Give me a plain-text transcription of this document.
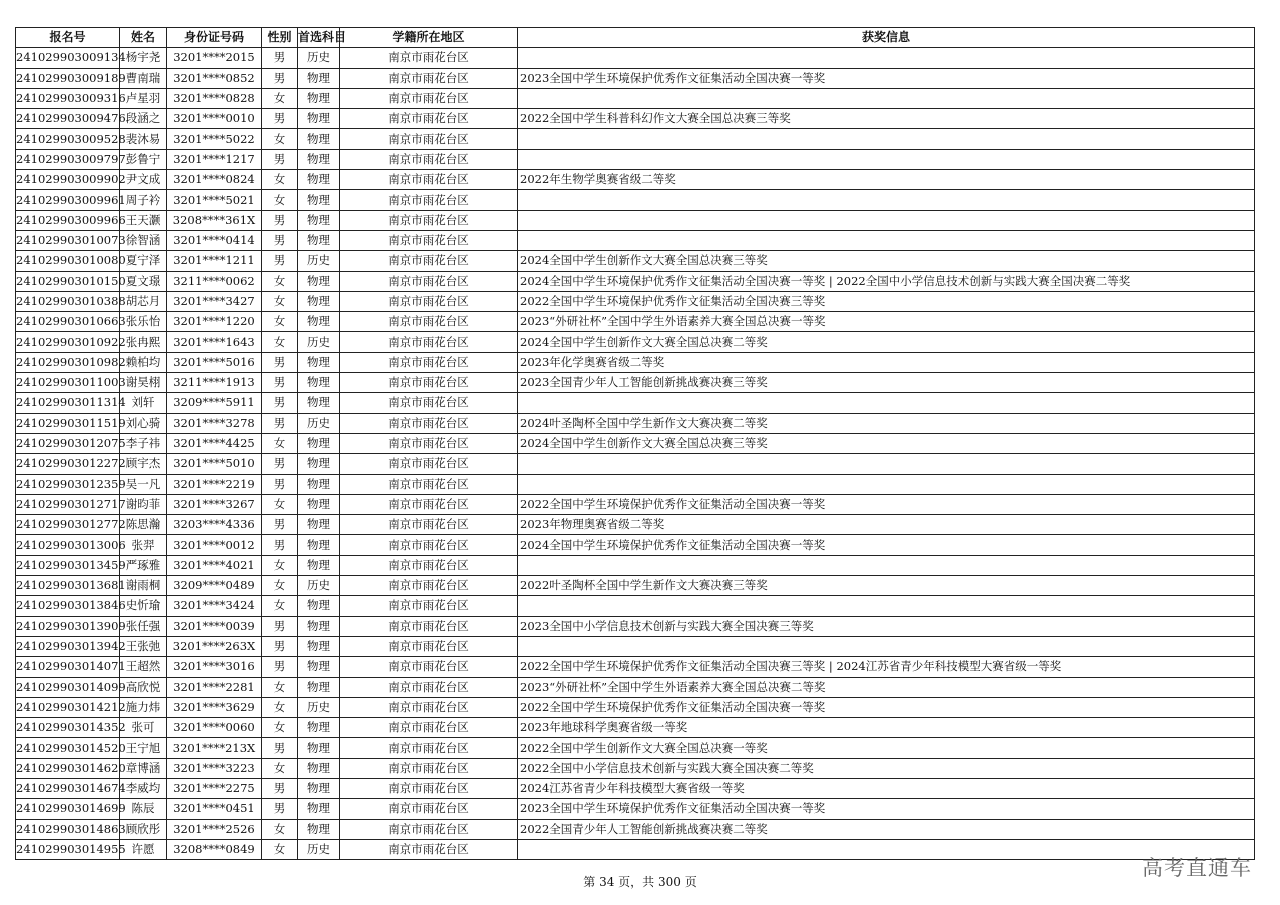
报名号	姓名	身份证号码	性别	首选科目	学籍所在地区	获奖信息
241029903009134	杨宇尧	3201****2015	男	历史	南京市雨花台区	
241029903009189	曹南瑞	3201****0852	男	物理	南京市雨花台区	2023全国中学生环境保护优秀作文征集活动全国决赛一等奖
241029903009316	卢星羽	3201****0828	女	物理	南京市雨花台区	
241029903009476	段涵之	3201****0010	男	物理	南京市雨花台区	2022全国中学生科普科幻作文大赛全国总决赛三等奖
241029903009528	裴沐易	3201****5022	女	物理	南京市雨花台区	
241029903009797	彭鲁宁	3201****1217	男	物理	南京市雨花台区	
241029903009902	尹文成	3201****0824	女	物理	南京市雨花台区	2022年生物学奥赛省级二等奖
241029903009961	周子衿	3201****5021	女	物理	南京市雨花台区	
241029903009966	王天灏	3208****361X	男	物理	南京市雨花台区	
241029903010073	徐智涵	3201****0414	男	物理	南京市雨花台区	
241029903010080	夏宁泽	3201****1211	男	历史	南京市雨花台区	2024全国中学生创新作文大赛全国总决赛三等奖
241029903010150	夏文璟	3211****0062	女	物理	南京市雨花台区	2024全国中学生环境保护优秀作文征集活动全国决赛一等奖 | 2022全国中小学信息技术创新与实践大赛全国决赛二等奖
241029903010388	胡芯月	3201****3427	女	物理	南京市雨花台区	2022全国中学生环境保护优秀作文征集活动全国决赛三等奖
241029903010663	张乐怡	3201****1220	女	物理	南京市雨花台区	2023“外研社杯”全国中学生外语素养大赛全国总决赛一等奖
241029903010922	张冉熙	3201****1643	女	历史	南京市雨花台区	2024全国中学生创新作文大赛全国总决赛二等奖
241029903010982	赖柏均	3201****5016	男	物理	南京市雨花台区	2023年化学奥赛省级二等奖
241029903011003	谢昊栩	3211****1913	男	物理	南京市雨花台区	2023全国青少年人工智能创新挑战赛决赛三等奖
241029903011314	刘轩	3209****5911	男	物理	南京市雨花台区	
241029903011519	刘心骑	3201****3278	男	历史	南京市雨花台区	2024叶圣陶杯全国中学生新作文大赛决赛二等奖
241029903012075	李子祎	3201****4425	女	物理	南京市雨花台区	2024全国中学生创新作文大赛全国总决赛三等奖
241029903012272	顾宇杰	3201****5010	男	物理	南京市雨花台区	
241029903012359	吴一凡	3201****2219	男	物理	南京市雨花台区	
241029903012717	谢昀菲	3201****3267	女	物理	南京市雨花台区	2022全国中学生环境保护优秀作文征集活动全国决赛一等奖
241029903012772	陈思瀚	3203****4336	男	物理	南京市雨花台区	2023年物理奥赛省级二等奖
241029903013006	张羿	3201****0012	男	物理	南京市雨花台区	2024全国中学生环境保护优秀作文征集活动全国决赛一等奖
241029903013459	严琢雅	3201****4021	女	物理	南京市雨花台区	
241029903013681	谢雨桐	3209****0489	女	历史	南京市雨花台区	2022叶圣陶杯全国中学生新作文大赛决赛三等奖
241029903013846	史忻瑜	3201****3424	女	物理	南京市雨花台区	
241029903013909	张任强	3201****0039	男	物理	南京市雨花台区	2023全国中小学信息技术创新与实践大赛全国决赛三等奖
241029903013942	王张弛	3201****263X	男	物理	南京市雨花台区	
241029903014071	王超然	3201****3016	男	物理	南京市雨花台区	2022全国中学生环境保护优秀作文征集活动全国决赛三等奖 | 2024江苏省青少年科技模型大赛省级一等奖
241029903014099	高欣悦	3201****2281	女	物理	南京市雨花台区	2023“外研社杯”全国中学生外语素养大赛全国总决赛二等奖
241029903014212	施力炜	3201****3629	女	历史	南京市雨花台区	2022全国中学生环境保护优秀作文征集活动全国决赛一等奖
241029903014352	张可	3201****0060	女	物理	南京市雨花台区	2023年地球科学奥赛省级一等奖
241029903014520	王宁旭	3201****213X	男	物理	南京市雨花台区	2022全国中学生创新作文大赛全国总决赛一等奖
241029903014620	章博涵	3201****3223	女	物理	南京市雨花台区	2022全国中小学信息技术创新与实践大赛全国决赛二等奖
241029903014674	李威均	3201****2275	男	物理	南京市雨花台区	2024江苏省青少年科技模型大赛省级一等奖
241029903014699	陈辰	3201****0451	男	物理	南京市雨花台区	2023全国中学生环境保护优秀作文征集活动全国决赛一等奖
241029903014863	顾欣彤	3201****2526	女	物理	南京市雨花台区	2022全国青少年人工智能创新挑战赛决赛二等奖
241029903014955	许愿	3208****0849	女	历史	南京市雨花台区	
第 34 页，共 300 页
高考直通车
